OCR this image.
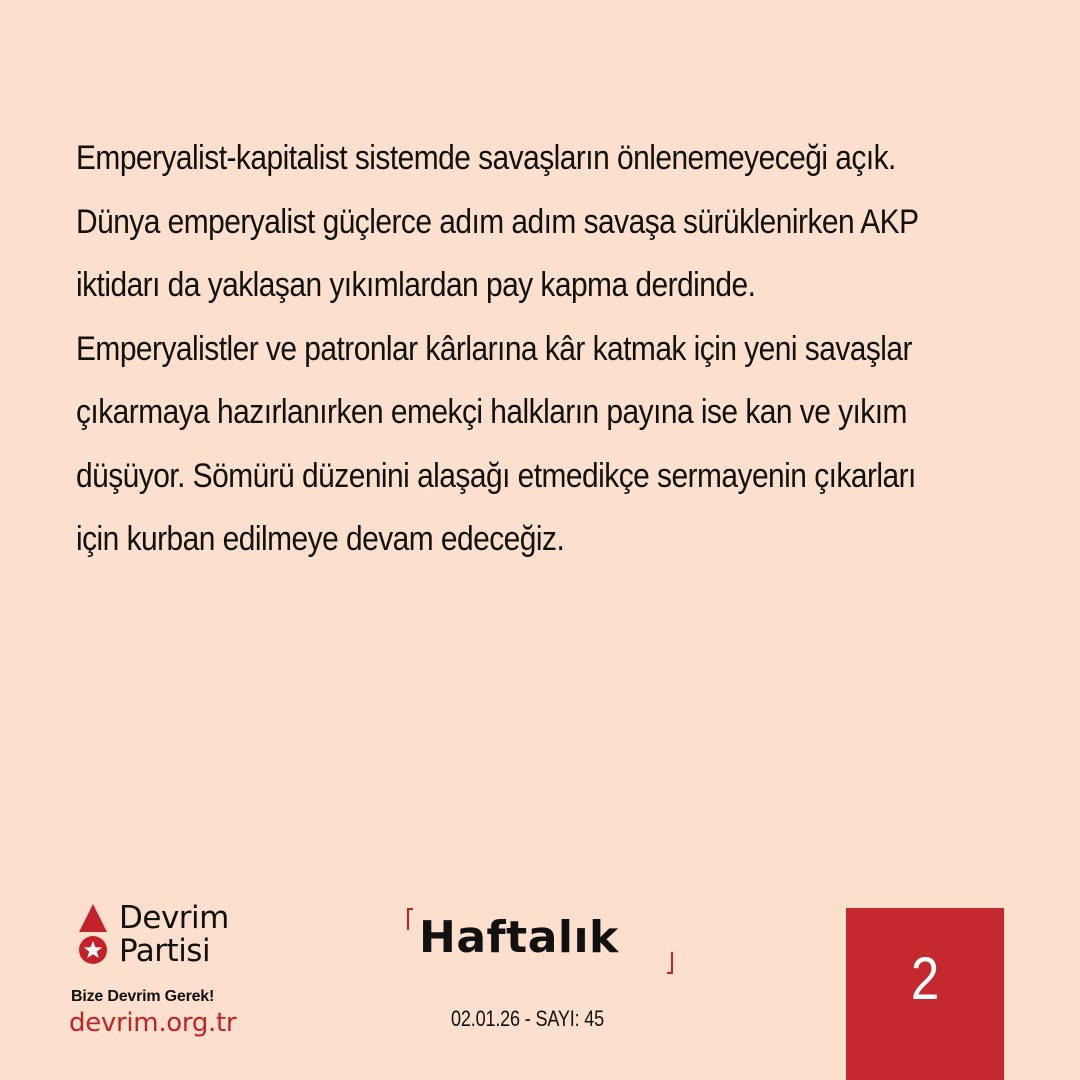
Emperyalist-kapitalist sistemde savaşların önlenemeyeceği açık.
Dünya emperyalist güçlerce adım adım savaşa sürüklenirken AKP
iktidarı da yaklaşan yıkımlardan pay kapma derdinde.
Emperyalistler ve patronlar kârlarına kâr katmak için yeni savaşlar
çıkarmaya hazırlanırken emekçi halkların payına ise kan ve yıkım
düşüyor. Sömürü düzenini alaşağı etmedikçe sermayenin çıkarları
için kurban edilmeye devam edeceğiz.
Devrim
Partisi
Bize Devrim Gerek!
devrim.org.tr
Haftalık
02.01.26 - SAYI: 45
2
